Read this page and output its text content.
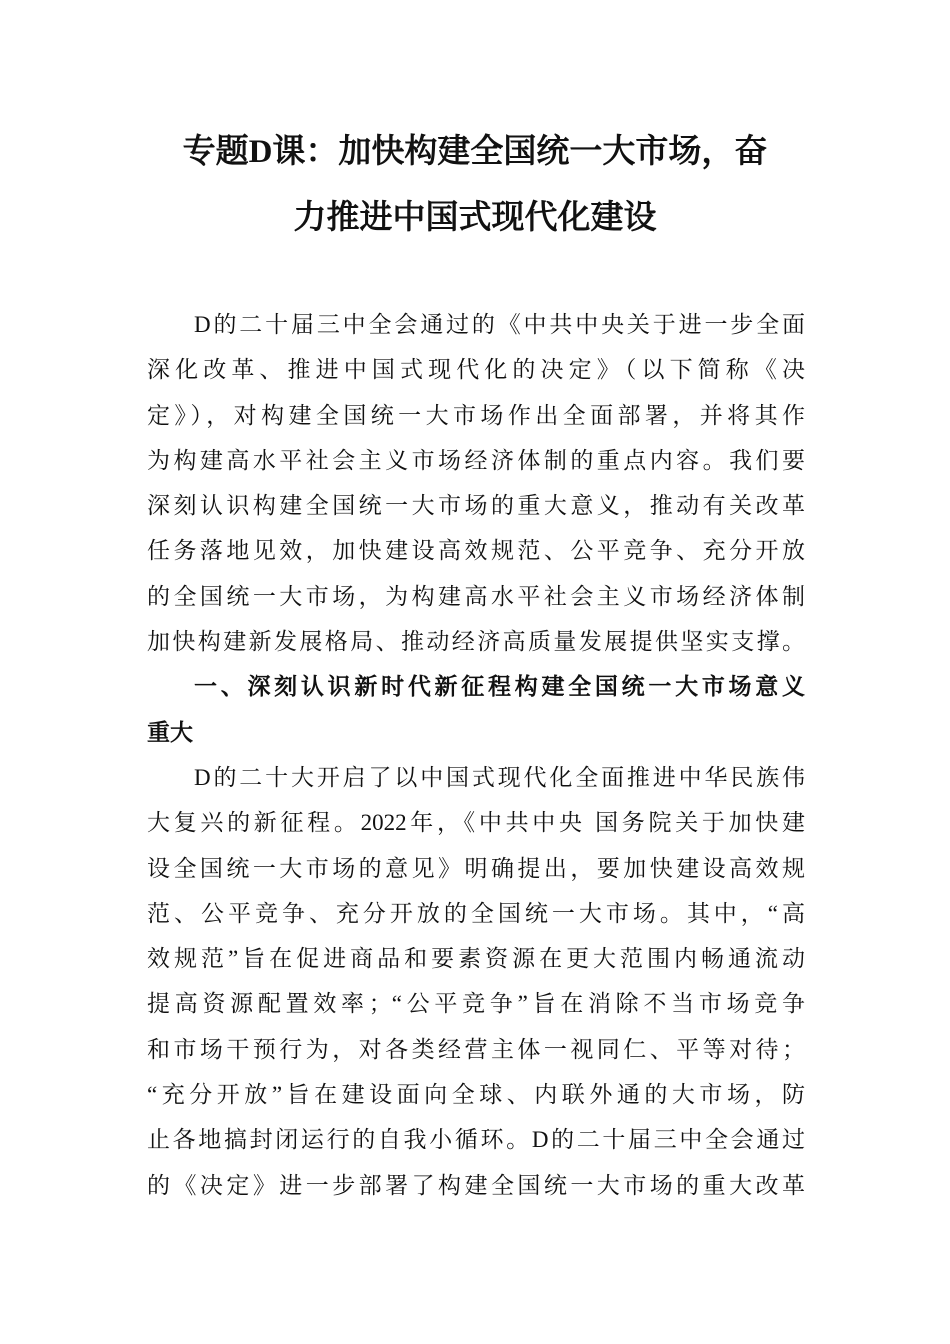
专题D课：加快构建全国统一大市场，奋
力推进中国式现代化建设
D的二十届三中全会通过的《中共中央关于进一步全面
深化改革、推进中国式现代化的决定》（以下简称《决
定》），对构建全国统一大市场作出全面部署，并将其作
为构建高水平社会主义市场经济体制的重点内容。我们要
深刻认识构建全国统一大市场的重大意义，推动有关改革
任务落地见效，加快建设高效规范、公平竞争、充分开放
的全国统一大市场，为构建高水平社会主义市场经济体制
加快构建新发展格局、推动经济高质量发展提供坚实支撑。
一、深刻认识新时代新征程构建全国统一大市场意义
重大
D的二十大开启了以中国式现代化全面推进中华民族伟
大复兴的新征程。2022年，《中共中央 国务院关于加快建
设全国统一大市场的意见》明确提出，要加快建设高效规
范、公平竞争、充分开放的全国统一大市场。其中，“高
效规范”旨在促进商品和要素资源在更大范围内畅通流动
提高资源配置效率；“公平竞争”旨在消除不当市场竞争
和市场干预行为，对各类经营主体一视同仁、平等对待；
“充分开放”旨在建设面向全球、内联外通的大市场，防
止各地搞封闭运行的自我小循环。D的二十届三中全会通过
的《决定》进一步部署了构建全国统一大市场的重大改革
